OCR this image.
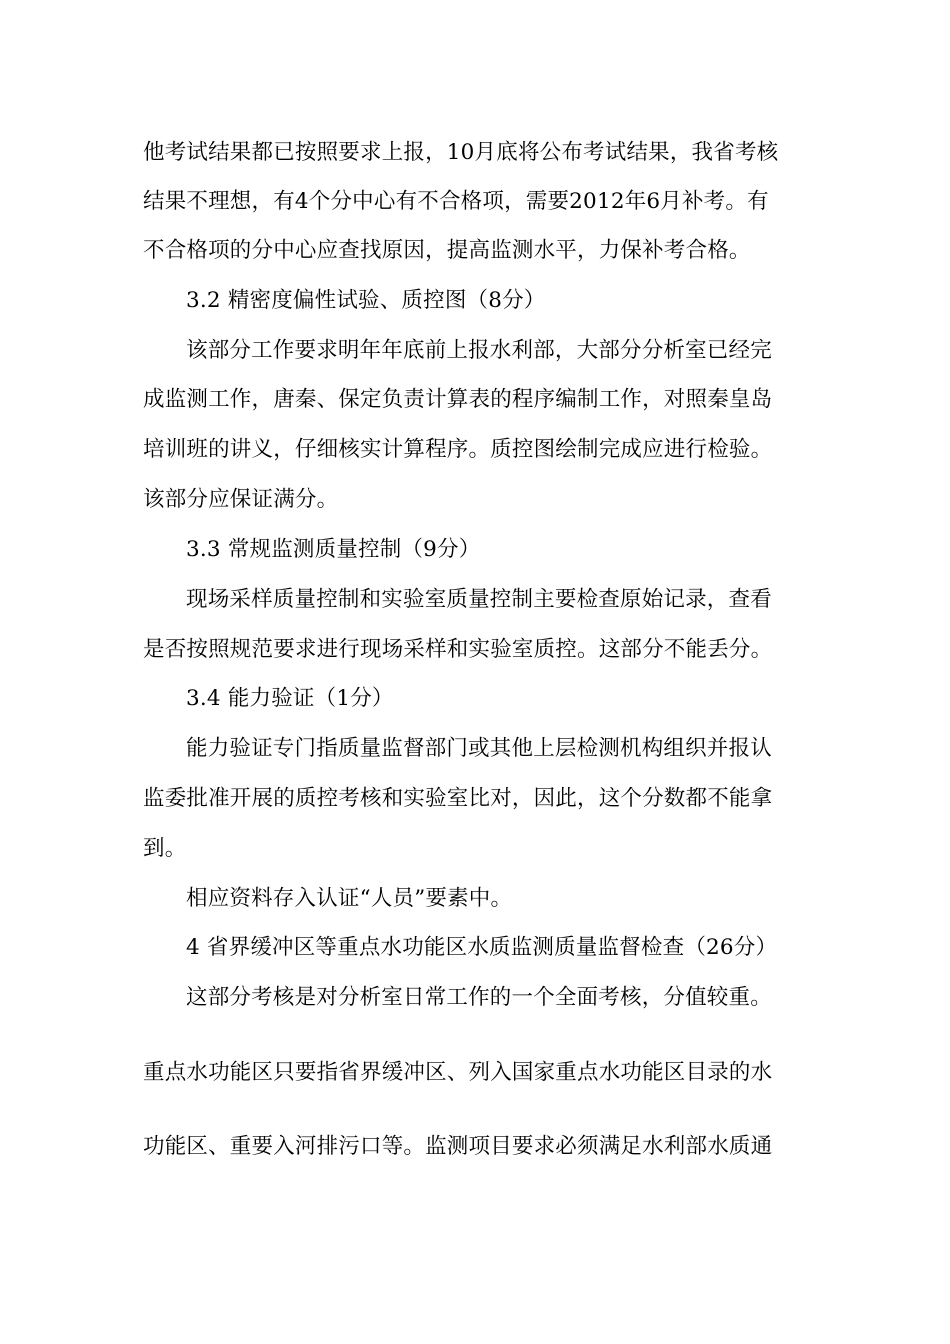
他考试结果都已按照要求上报，10月底将公布考试结果，我省考核
结果不理想，有4个分中心有不合格项，需要2012年6月补考。有
不合格项的分中心应查找原因，提高监测水平，力保补考合格。
3.2 精密度偏性试验、质控图（8分）
该部分工作要求明年年底前上报水利部，大部分分析室已经完
成监测工作，唐秦、保定负责计算表的程序编制工作，对照秦皇岛
培训班的讲义，仔细核实计算程序。质控图绘制完成应进行检验。
该部分应保证满分。
3.3 常规监测质量控制（9分）
现场采样质量控制和实验室质量控制主要检查原始记录，查看
是否按照规范要求进行现场采样和实验室质控。这部分不能丢分。
3.4 能力验证（1分）
能力验证专门指质量监督部门或其他上层检测机构组织并报认
监委批准开展的质控考核和实验室比对，因此，这个分数都不能拿
到。
相应资料存入认证“人员”要素中。
4 省界缓冲区等重点水功能区水质监测质量监督检查（26分）
这部分考核是对分析室日常工作的一个全面考核，分值较重。
重点水功能区只要指省界缓冲区、列入国家重点水功能区目录的水
功能区、重要入河排污口等。监测项目要求必须满足水利部水质通
